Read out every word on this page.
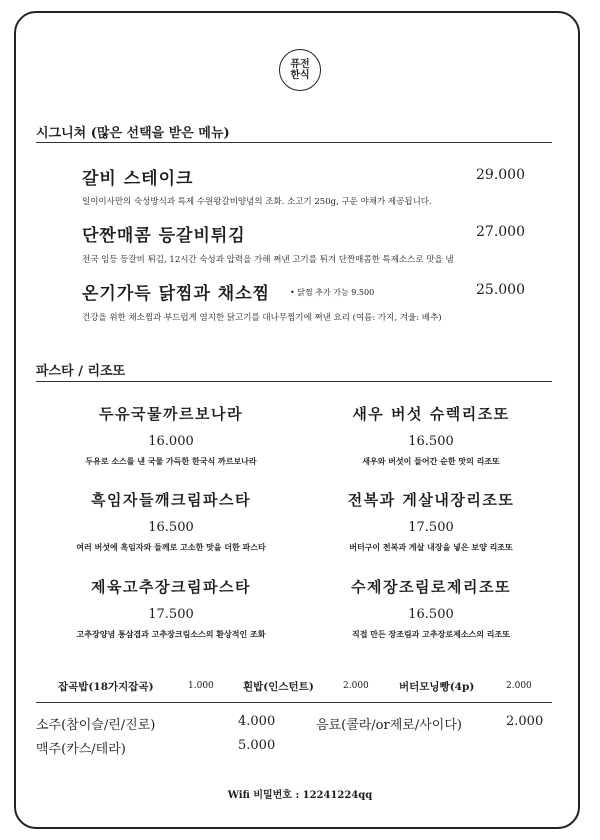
퓨전
한식
시그니쳐 (많은 선택을 받은 메뉴)
갈비 스테이크	29.000
일이이사만의 숙성방식과 특제 수원왕갈비양념의 조화. 소고기 250g, 구운 야채가 제공됩니다.
단짠매콤 등갈비튀김	27.000
전국 임등 등갈비 튀김, 12시간 숙성과 압력을 가해 쪄낸 고기를 튀겨 단짠매콤한 특제소스로 맛을 냄
온기가득 닭찜과 채소찜 • 닭찜 추가 가능 9.500	25.000
건강을 위한 채소찜과 부드럽게 염지한 닭고기를 대나무찜기에 쪄낸 요리 (여름: 가지, 겨울: 배추)
파스타 / 리조또
두유국물까르보나라
16.000
두유로 소스를 낸 국물 가득한 한국식 까르보나라
새우 버섯 슈렉리조또
16.500
새우와 버섯이 들어간 순한 맛의 리조또
흑임자들깨크림파스타
16.500
여러 버섯에 흑임자와 들깨로 고소한 맛을 더한 파스타
전복과 게살내장리조또
17.500
버터구이 전복과 게살 내장을 넣은 보양 리조또
제육고추장크림파스타
17.500
고추장양념 통삼겹과 고추장크림소스의 환상적인 조화
수제장조림로제리조또
16.500
직접 만든 장조림과 고추장로제소스의 리조또
잡곡밥(18가지잡곡)	1.000	흰밥(인스턴트)	2.000	버터모닝빵(4p)	2.000
소주(참이슬/린/진로)	4.000	음료(콜라/or제로/사이다)	2.000
맥주(카스/테라)	5.000
Wifi 비밀번호 : 12241224qq
